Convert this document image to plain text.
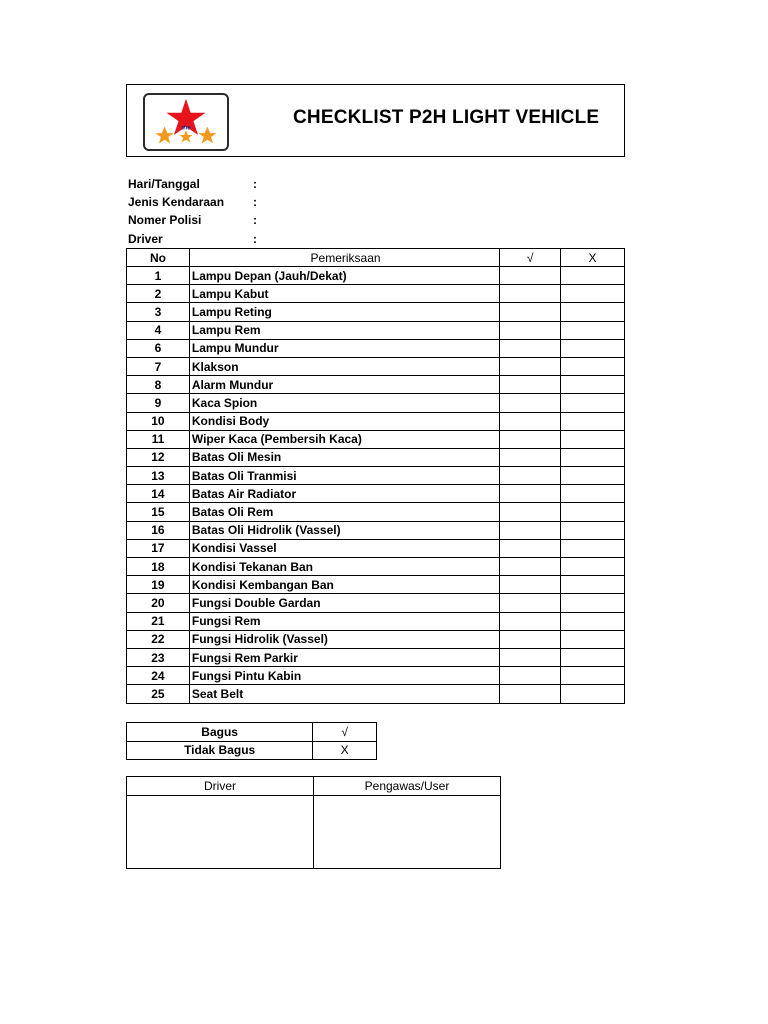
the	CHECKLIST P2H LIGHT VEHICLE
Hari/Tanggal	:
Jenis Kendaraan :
Nomer Polisi	:
Driver	:
No	Pemeriksaan	√	X
1	Lampu Depan (Jauh/Dekat)		
2	Lampu Kabut		
3	Lampu Reting		
4	Lampu Rem		
6	Lampu Mundur		
7	Klakson		
8	Alarm Mundur		
9	Kaca Spion		
10	Kondisi Body		
11	Wiper Kaca (Pembersih Kaca)		
12	Batas Oli Mesin		
13	Batas Oli Tranmisi		
14	Batas Air Radiator		
15	Batas Oli Rem		
16	Batas Oli Hidrolik (Vassel)		
17	Kondisi Vassel		
18	Kondisi Tekanan Ban		
19	Kondisi Kembangan Ban		
20	Fungsi Double Gardan		
21	Fungsi Rem		
22	Fungsi Hidrolik (Vassel)		
23	Fungsi Rem Parkir		
24	Fungsi Pintu Kabin		
25	Seat Belt		
Bagus	√
Tidak Bagus	X
Driver	Pengawas/User
